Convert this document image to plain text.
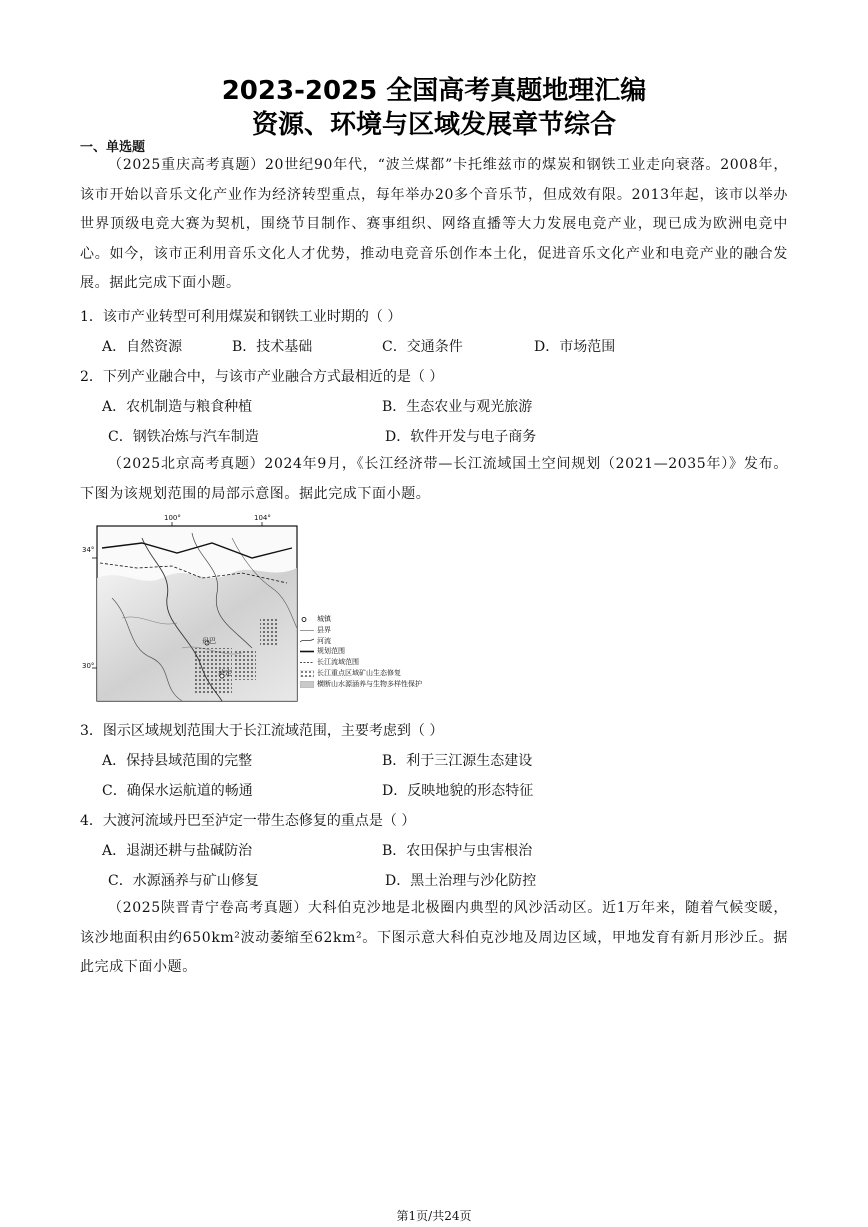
2023-2025 全国高考真题地理汇编
资源、环境与区域发展章节综合
一、单选题
（2025重庆高考真题）20世纪90年代，“波兰煤都”卡托维兹市的煤炭和钢铁工业走向衰落。2008年，该市开始以音乐文化产业作为经济转型重点，每年举办20多个音乐节，但成效有限。2013年起，该市以举办世界顶级电竞大赛为契机，围绕节目制作、赛事组织、网络直播等大力发展电竞产业，现已成为欧洲电竞中心。如今，该市正利用音乐文化人才优势，推动电竞音乐创作本土化，促进音乐文化产业和电竞产业的融合发展。据此完成下面小题。
1．该市产业转型可利用煤炭和钢铁工业时期的（ ）
A．自然资源	B．技术基础	C．交通条件	D．市场范围
2．下列产业融合中，与该市产业融合方式最相近的是（ ）
A．农机制造与粮食种植	B．生态农业与观光旅游
C．钢铁冶炼与汽车制造	D．软件开发与电子商务
（2025北京高考真题）2024年9月，《长江经济带—长江流域国土空间规划（2021—2035年）》发布。下图为该规划范围的局部示意图。据此完成下面小题。
100°	104°
34°
30°
丹巴
泸定
城镇
县界
河流
规划范围
长江流域范围
长江重点区域矿山生态修复
横断山水源涵养与生物多样性保护
3．图示区域规划范围大于长江流域范围，主要考虑到（ ）
A．保持县域范围的完整	B．利于三江源生态建设
C．确保水运航道的畅通	D．反映地貌的形态特征
4．大渡河流域丹巴至泸定一带生态修复的重点是（ ）
A．退湖还耕与盐碱防治	B．农田保护与虫害根治
C．水源涵养与矿山修复	D．黑土治理与沙化防控
（2025陕晋青宁卷高考真题）大科伯克沙地是北极圈内典型的风沙活动区。近1万年来，随着气候变暖，该沙地面积由约650km²波动萎缩至62km²。下图示意大科伯克沙地及周边区域，甲地发育有新月形沙丘。据此完成下面小题。
第1页/共24页
